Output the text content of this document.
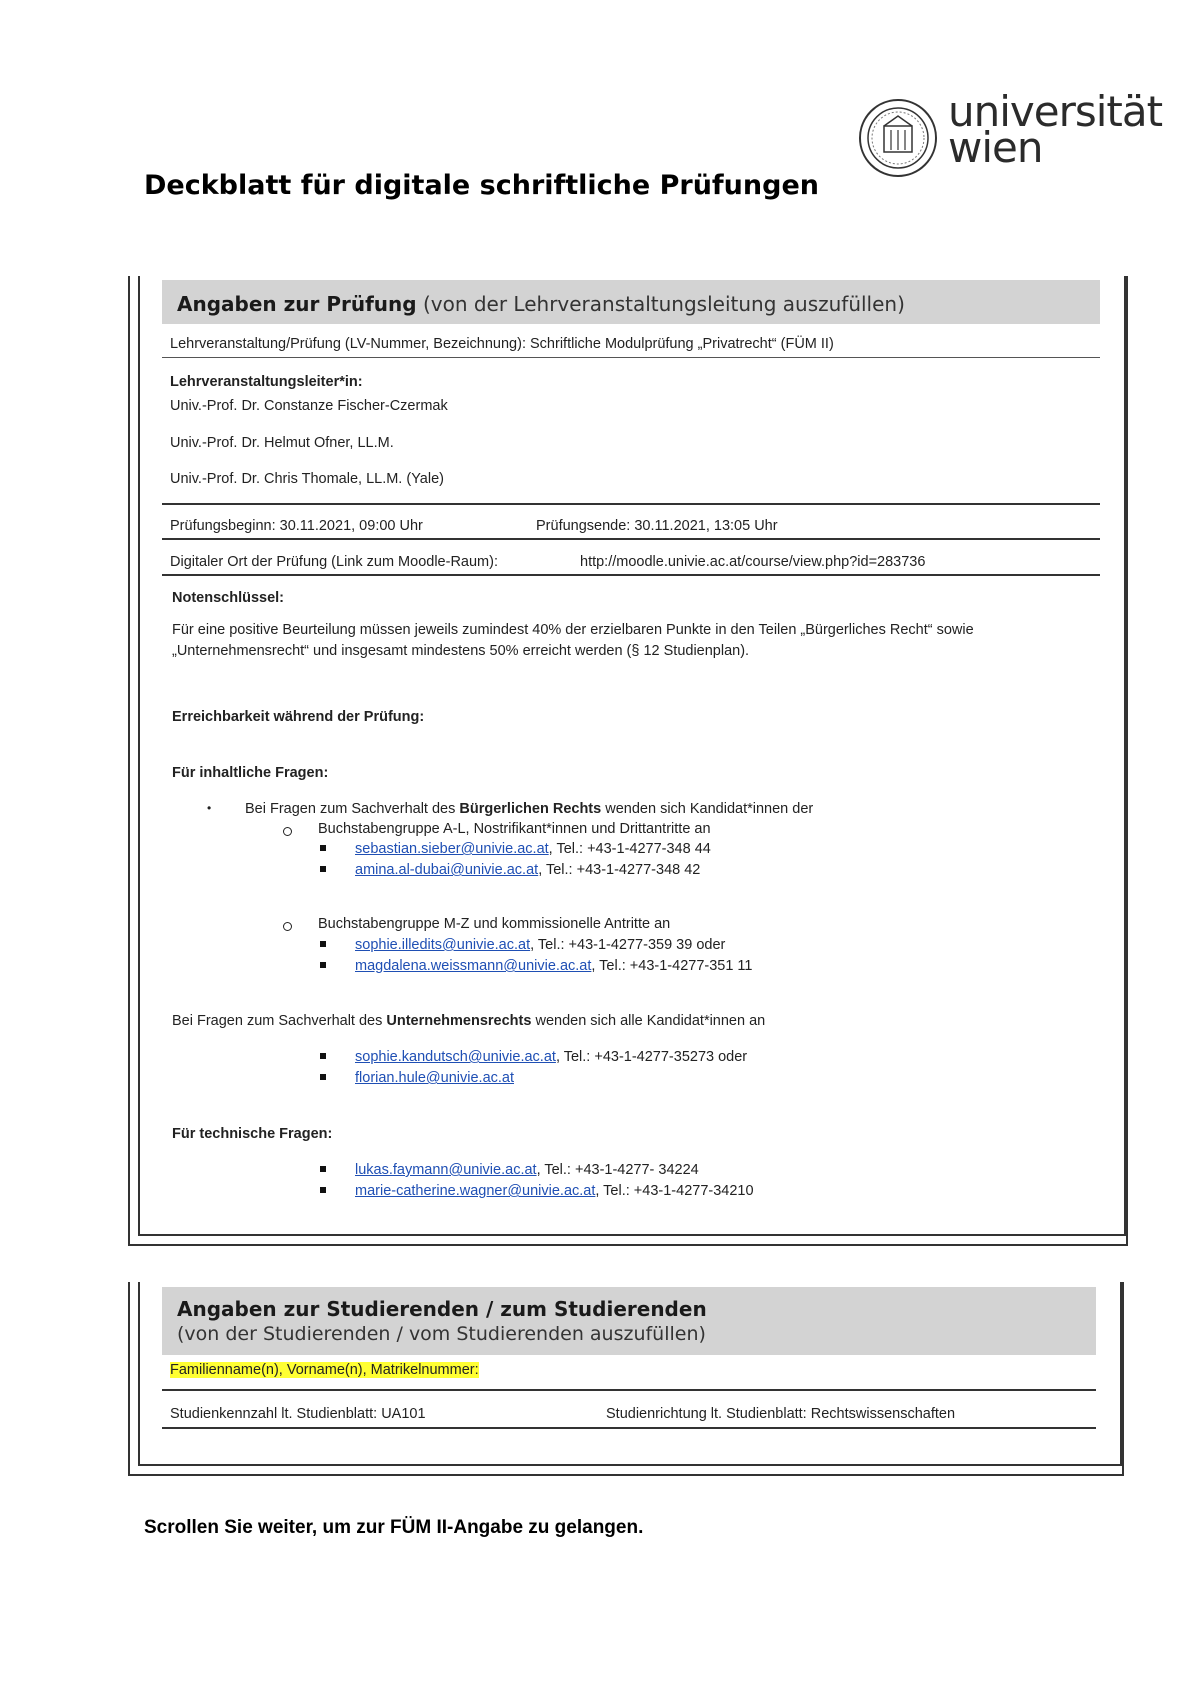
universität
wien
Deckblatt für digitale schriftliche Prüfungen
Angaben zur Prüfung (von der Lehrveranstaltungsleitung auszufüllen)
Lehrveranstaltung/Prüfung (LV-Nummer, Bezeichnung): Schriftliche Modulprüfung „Privatrecht“ (FÜM II)
Lehrveranstaltungsleiter*in:
Univ.-Prof. Dr. Constanze Fischer-Czermak
Univ.-Prof. Dr. Helmut Ofner, LL.M.
Univ.-Prof. Dr. Chris Thomale, LL.M. (Yale)
Prüfungsbeginn: 30.11.2021, 09:00 Uhr	Prüfungsende: 30.11.2021, 13:05 Uhr
Digitaler Ort der Prüfung (Link zum Moodle-Raum):	http://moodle.univie.ac.at/course/view.php?id=283736
Notenschlüssel:
Für eine positive Beurteilung müssen jeweils zumindest 40% der erzielbaren Punkte in den Teilen „Bürgerliches Recht“ sowie
„Unternehmensrecht“ und insgesamt mindestens 50% erreicht werden (§ 12 Studienplan).
Erreichbarkeit während der Prüfung:
Für inhaltliche Fragen:
• Bei Fragen zum Sachverhalt des Bürgerlichen Rechts wenden sich Kandidat*innen der
Buchstabengruppe A-L, Nostrifikant*innen und Drittantritte an
sebastian.sieber@univie.ac.at, Tel.: +43-1-4277-348 44
amina.al-dubai@univie.ac.at, Tel.: +43-1-4277-348 42
Buchstabengruppe M-Z und kommissionelle Antritte an
sophie.illedits@univie.ac.at, Tel.: +43-1-4277-359 39 oder
magdalena.weissmann@univie.ac.at, Tel.: +43-1-4277-351 11
Bei Fragen zum Sachverhalt des Unternehmensrechts wenden sich alle Kandidat*innen an
sophie.kandutsch@univie.ac.at, Tel.: +43-1-4277-35273 oder
florian.hule@univie.ac.at
Für technische Fragen:
lukas.faymann@univie.ac.at, Tel.: +43-1-4277- 34224
marie-catherine.wagner@univie.ac.at, Tel.: +43-1-4277-34210
Angaben zur Studierenden / zum Studierenden
(von der Studierenden / vom Studierenden auszufüllen)
Familienname(n), Vorname(n), Matrikelnummer:
Studienkennzahl lt. Studienblatt: UA101	Studienrichtung lt. Studienblatt: Rechtswissenschaften
Scrollen Sie weiter, um zur FÜM II-Angabe zu gelangen.
